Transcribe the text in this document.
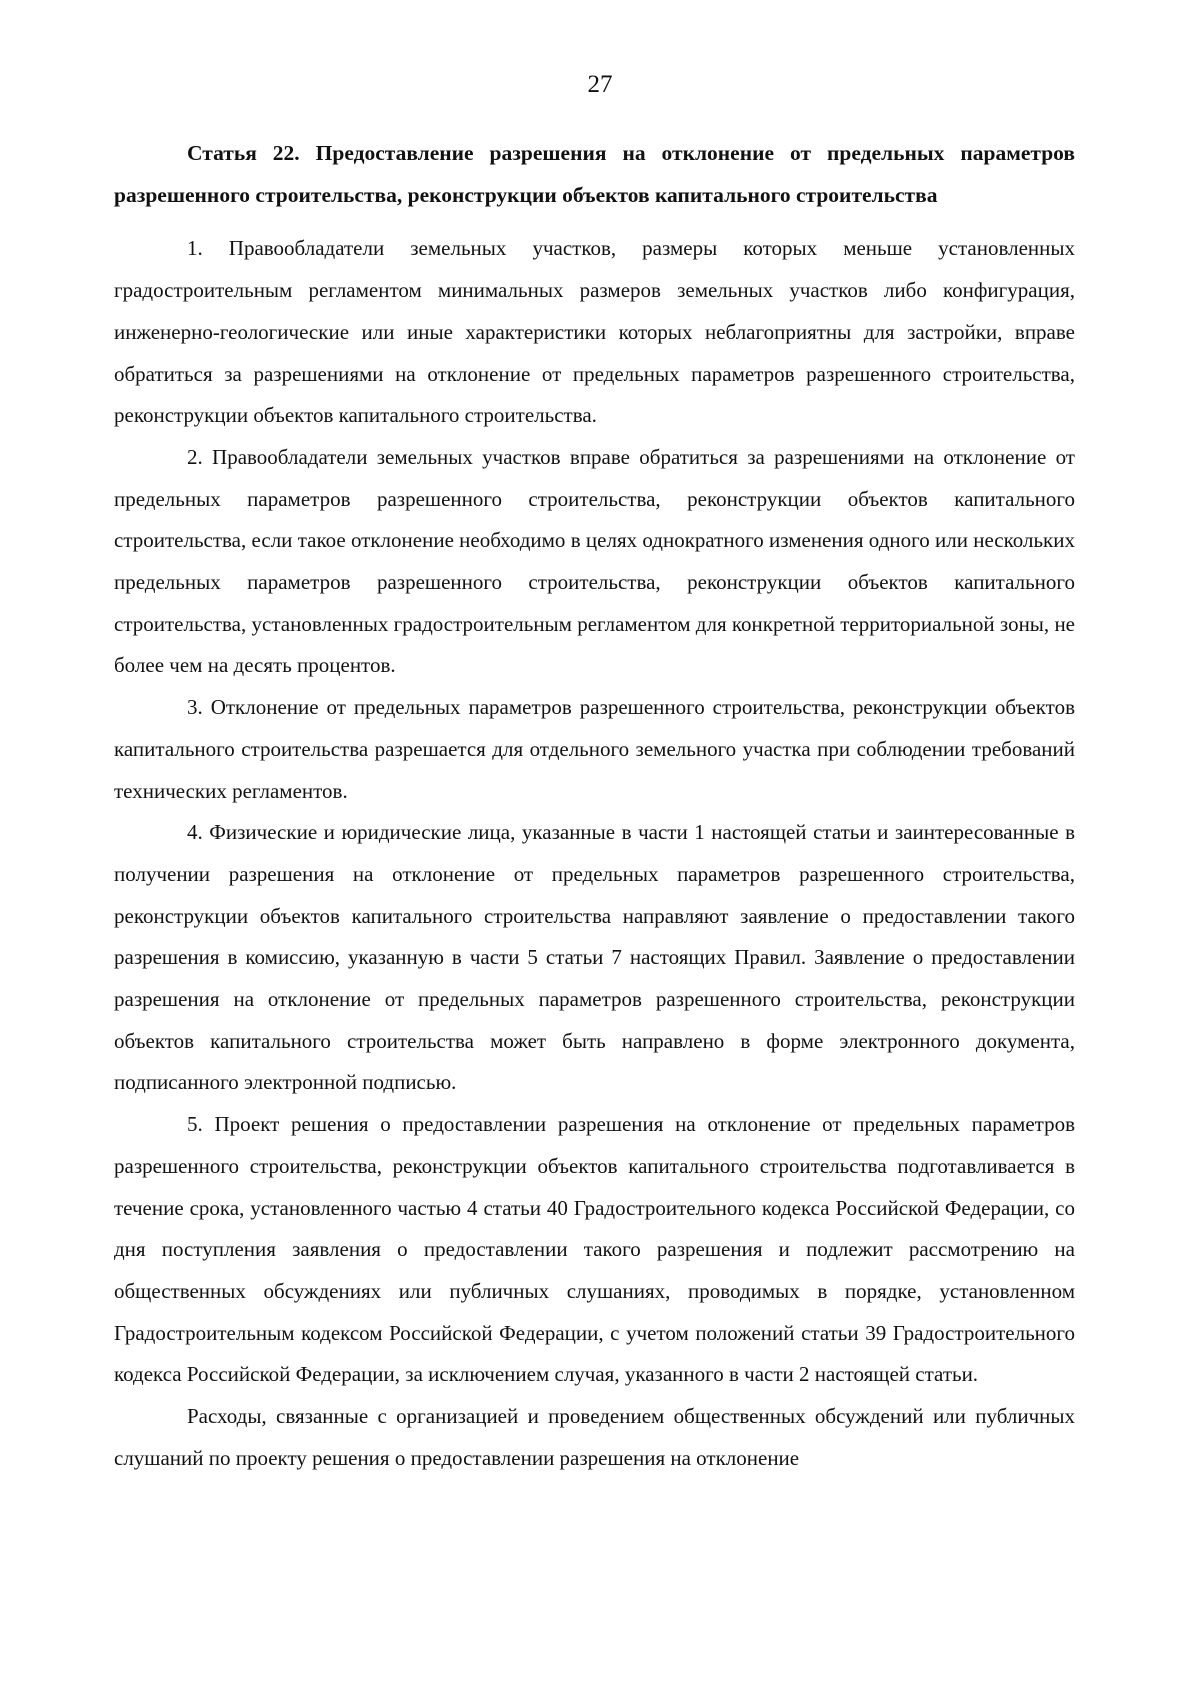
27
Статья 22. Предоставление разрешения на отклонение от предельных параметров разрешенного строительства, реконструкции объектов капитального строительства

1. Правообладатели земельных участков, размеры которых меньше установленных градостроительным регламентом минимальных размеров земельных участков либо конфигурация, инженерно-геологические или иные характеристики которых неблагоприятны для застройки, вправе обратиться за разрешениями на отклонение от предельных параметров разрешенного строительства, реконструкции объектов капитального строительства.

2. Правообладатели земельных участков вправе обратиться за разрешениями на отклонение от предельных параметров разрешенного строительства, реконструкции объектов капитального строительства, если такое отклонение необходимо в целях однократного изменения одного или нескольких предельных параметров разрешенного строительства, реконструкции объектов капитального строительства, установленных градостроительным регламентом для конкретной территориальной зоны, не более чем на десять процентов.

3. Отклонение от предельных параметров разрешенного строительства, реконструкции объектов капитального строительства разрешается для отдельного земельного участка при соблюдении требований технических регламентов.

4. Физические и юридические лица, указанные в части 1 настоящей статьи и заинтересованные в получении разрешения на отклонение от предельных параметров разрешенного строительства, реконструкции объектов капитального строительства направляют заявление о предоставлении такого разрешения в комиссию, указанную в части 5 статьи 7 настоящих Правил. Заявление о предоставлении разрешения на отклонение от предельных параметров разрешенного строительства, реконструкции объектов капитального строительства может быть направлено в форме электронного документа, подписанного электронной подписью.

5. Проект решения о предоставлении разрешения на отклонение от предельных параметров разрешенного строительства, реконструкции объектов капитального строительства подготавливается в течение срока, установленного частью 4 статьи 40 Градостроительного кодекса Российской Федерации, со дня поступления заявления о предоставлении такого разрешения и подлежит рассмотрению на общественных обсуждениях или публичных слушаниях, проводимых в порядке, установленном Градостроительным кодексом Российской Федерации, с учетом положений статьи 39 Градостроительного кодекса Российской Федерации, за исключением случая, указанного в части 2 настоящей статьи.

Расходы, связанные с организацией и проведением общественных обсуждений или публичных слушаний по проекту решения о предоставлении разрешения на отклонение
